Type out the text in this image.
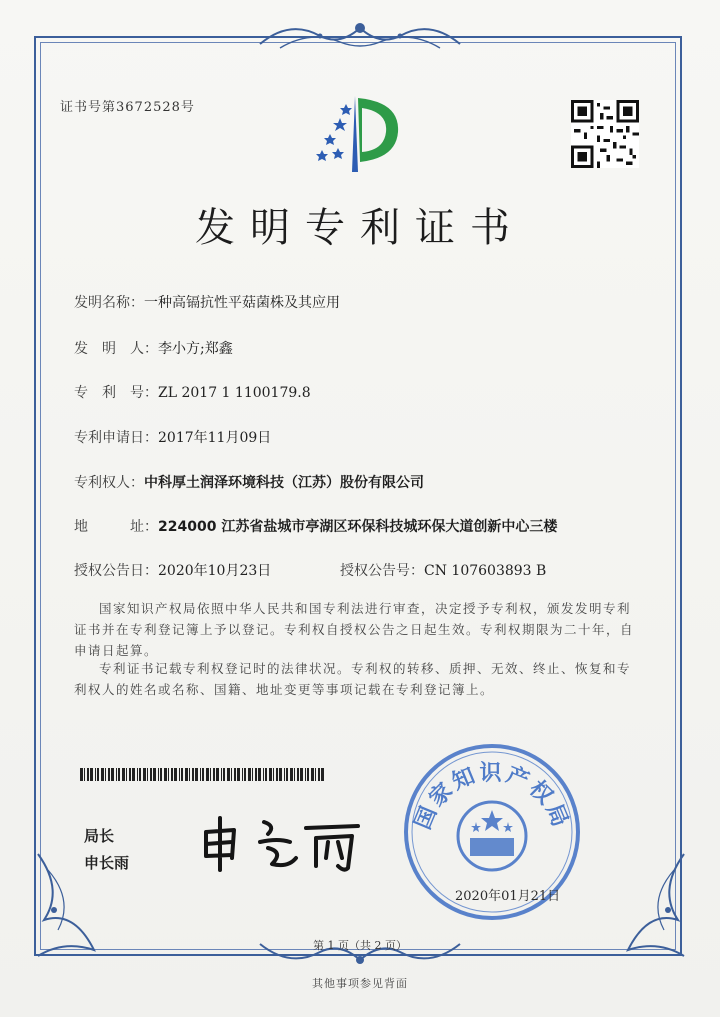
证书号第3672528号
发明专利证书
发明名称：一种高镉抗性平菇菌株及其应用
发　明　人：李小方;郑鑫
专　利　号：ZL 2017 1 1100179.8
专利申请日：2017年11月09日
专利权人：中科厚土润泽环境科技（江苏）股份有限公司
地　　　址：224000 江苏省盐城市亭湖区环保科技城环保大道创新中心三楼
授权公告日：2020年10月23日	授权公告号：CN 107603893 B
国家知识产权局依照中华人民共和国专利法进行审查，决定授予专利权，颁发发明专利证书并在专利登记簿上予以登记。专利权自授权公告之日起生效。专利权期限为二十年，自申请日起算。
专利证书记载专利权登记时的法律状况。专利权的转移、质押、无效、终止、恢复和专利权人的姓名或名称、国籍、地址变更等事项记载在专利登记簿上。
局长
申长雨
国家知识产权局
2020年01月21日
第 1 页（共 2 页）
其他事项参见背面
